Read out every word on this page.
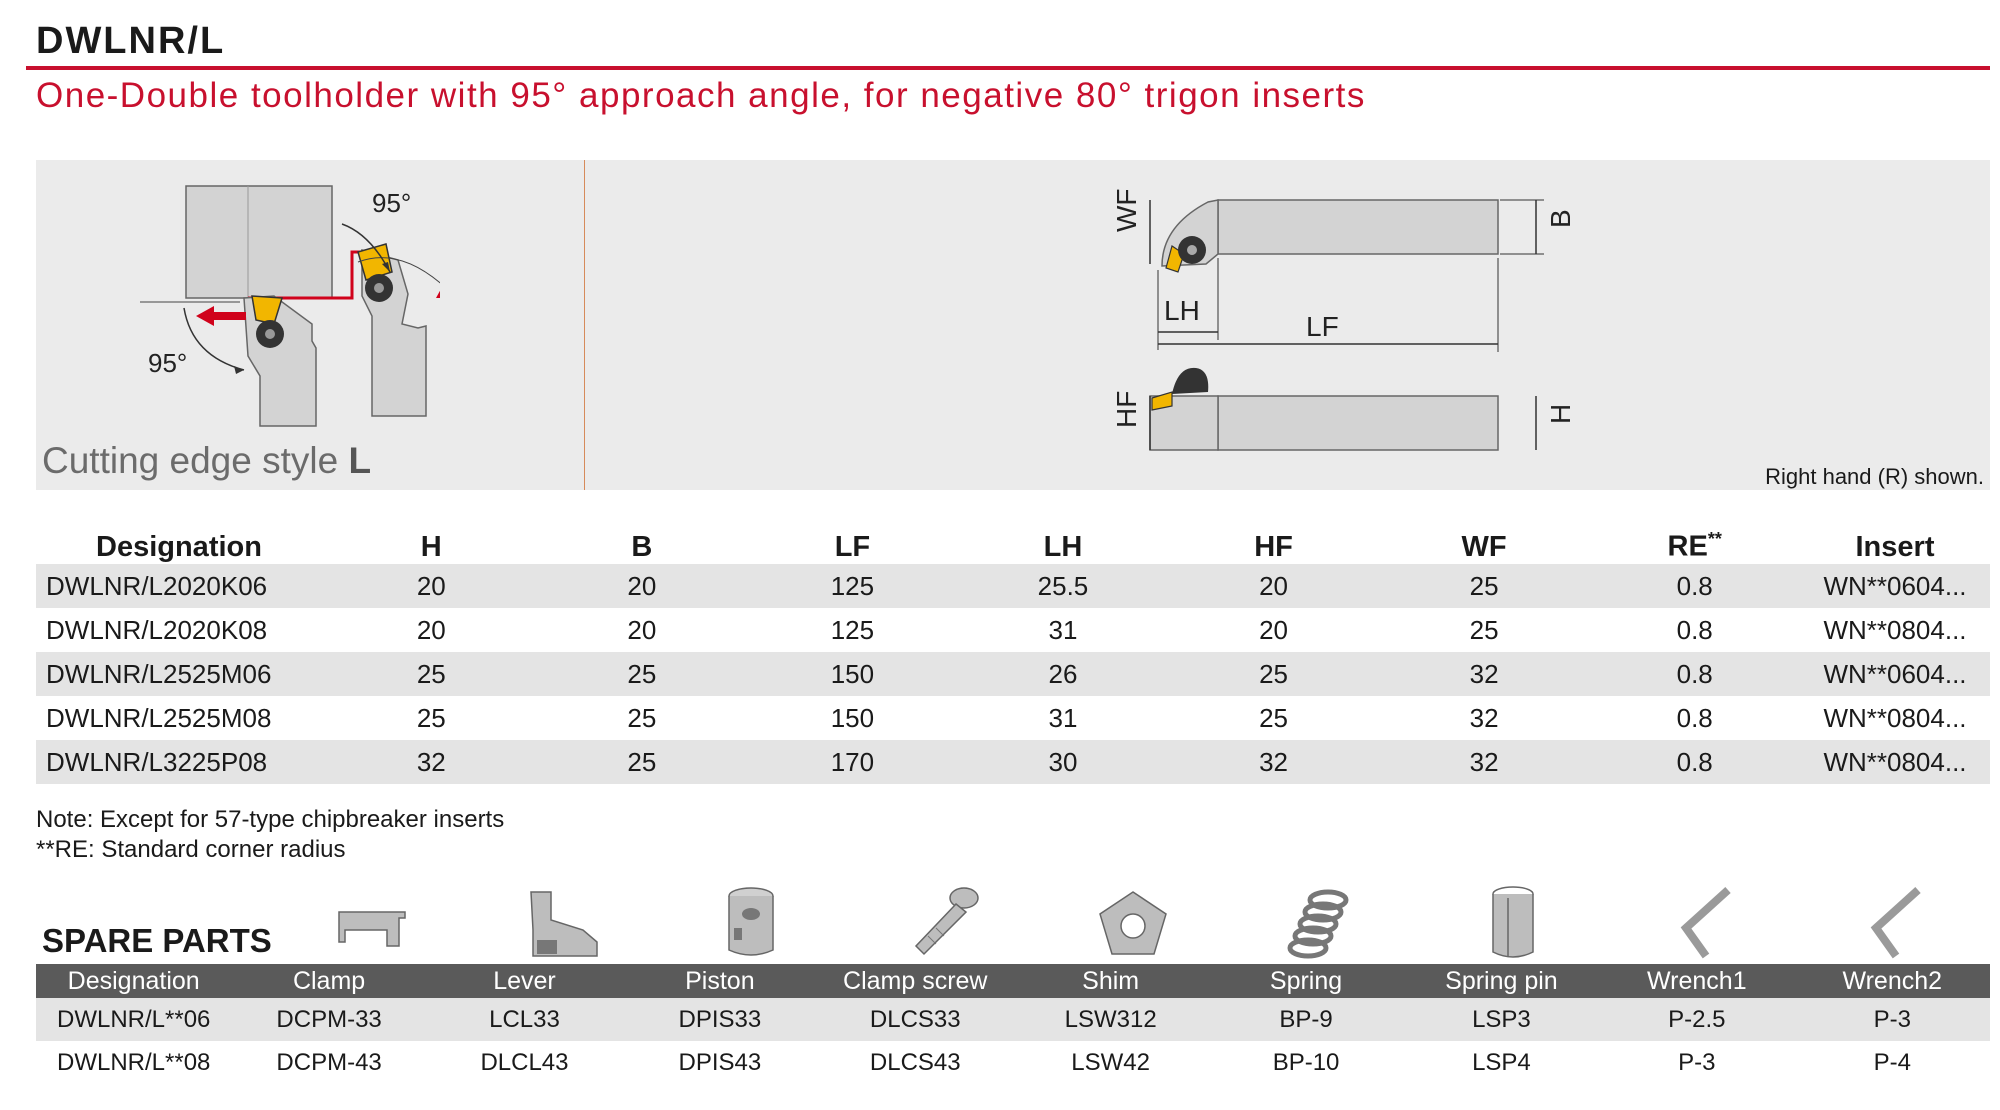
DWLNR/L
One-Double toolholder with 95° approach angle, for negative 80° trigon inserts
95°
95°
Cutting edge style L
WF	B
LH
LF
HF	H
Right hand (R) shown.
Designation	H	B	LF	LH	HF	WF	RE**	Insert
DWLNR/L2020K06	20	20	125	25.5	20	25	0.8	WN**0604...
DWLNR/L2020K08	20	20	125	31	20	25	0.8	WN**0804...
DWLNR/L2525M06	25	25	150	26	25	32	0.8	WN**0604...
DWLNR/L2525M08	25	25	150	31	25	32	0.8	WN**0804...
DWLNR/L3225P08	32	25	170	30	32	32	0.8	WN**0804...
Note: Except for 57-type chipbreaker inserts
**RE: Standard corner radius
SPARE PARTS
Designation	Clamp	Lever	Piston	Clamp screw	Shim	Spring	Spring pin	Wrench1	Wrench2
DWLNR/L**06	DCPM-33	LCL33	DPIS33	DLCS33	LSW312	BP-9	LSP3	P-2.5	P-3
DWLNR/L**08	DCPM-43	DLCL43	DPIS43	DLCS43	LSW42	BP-10	LSP4	P-3	P-4
